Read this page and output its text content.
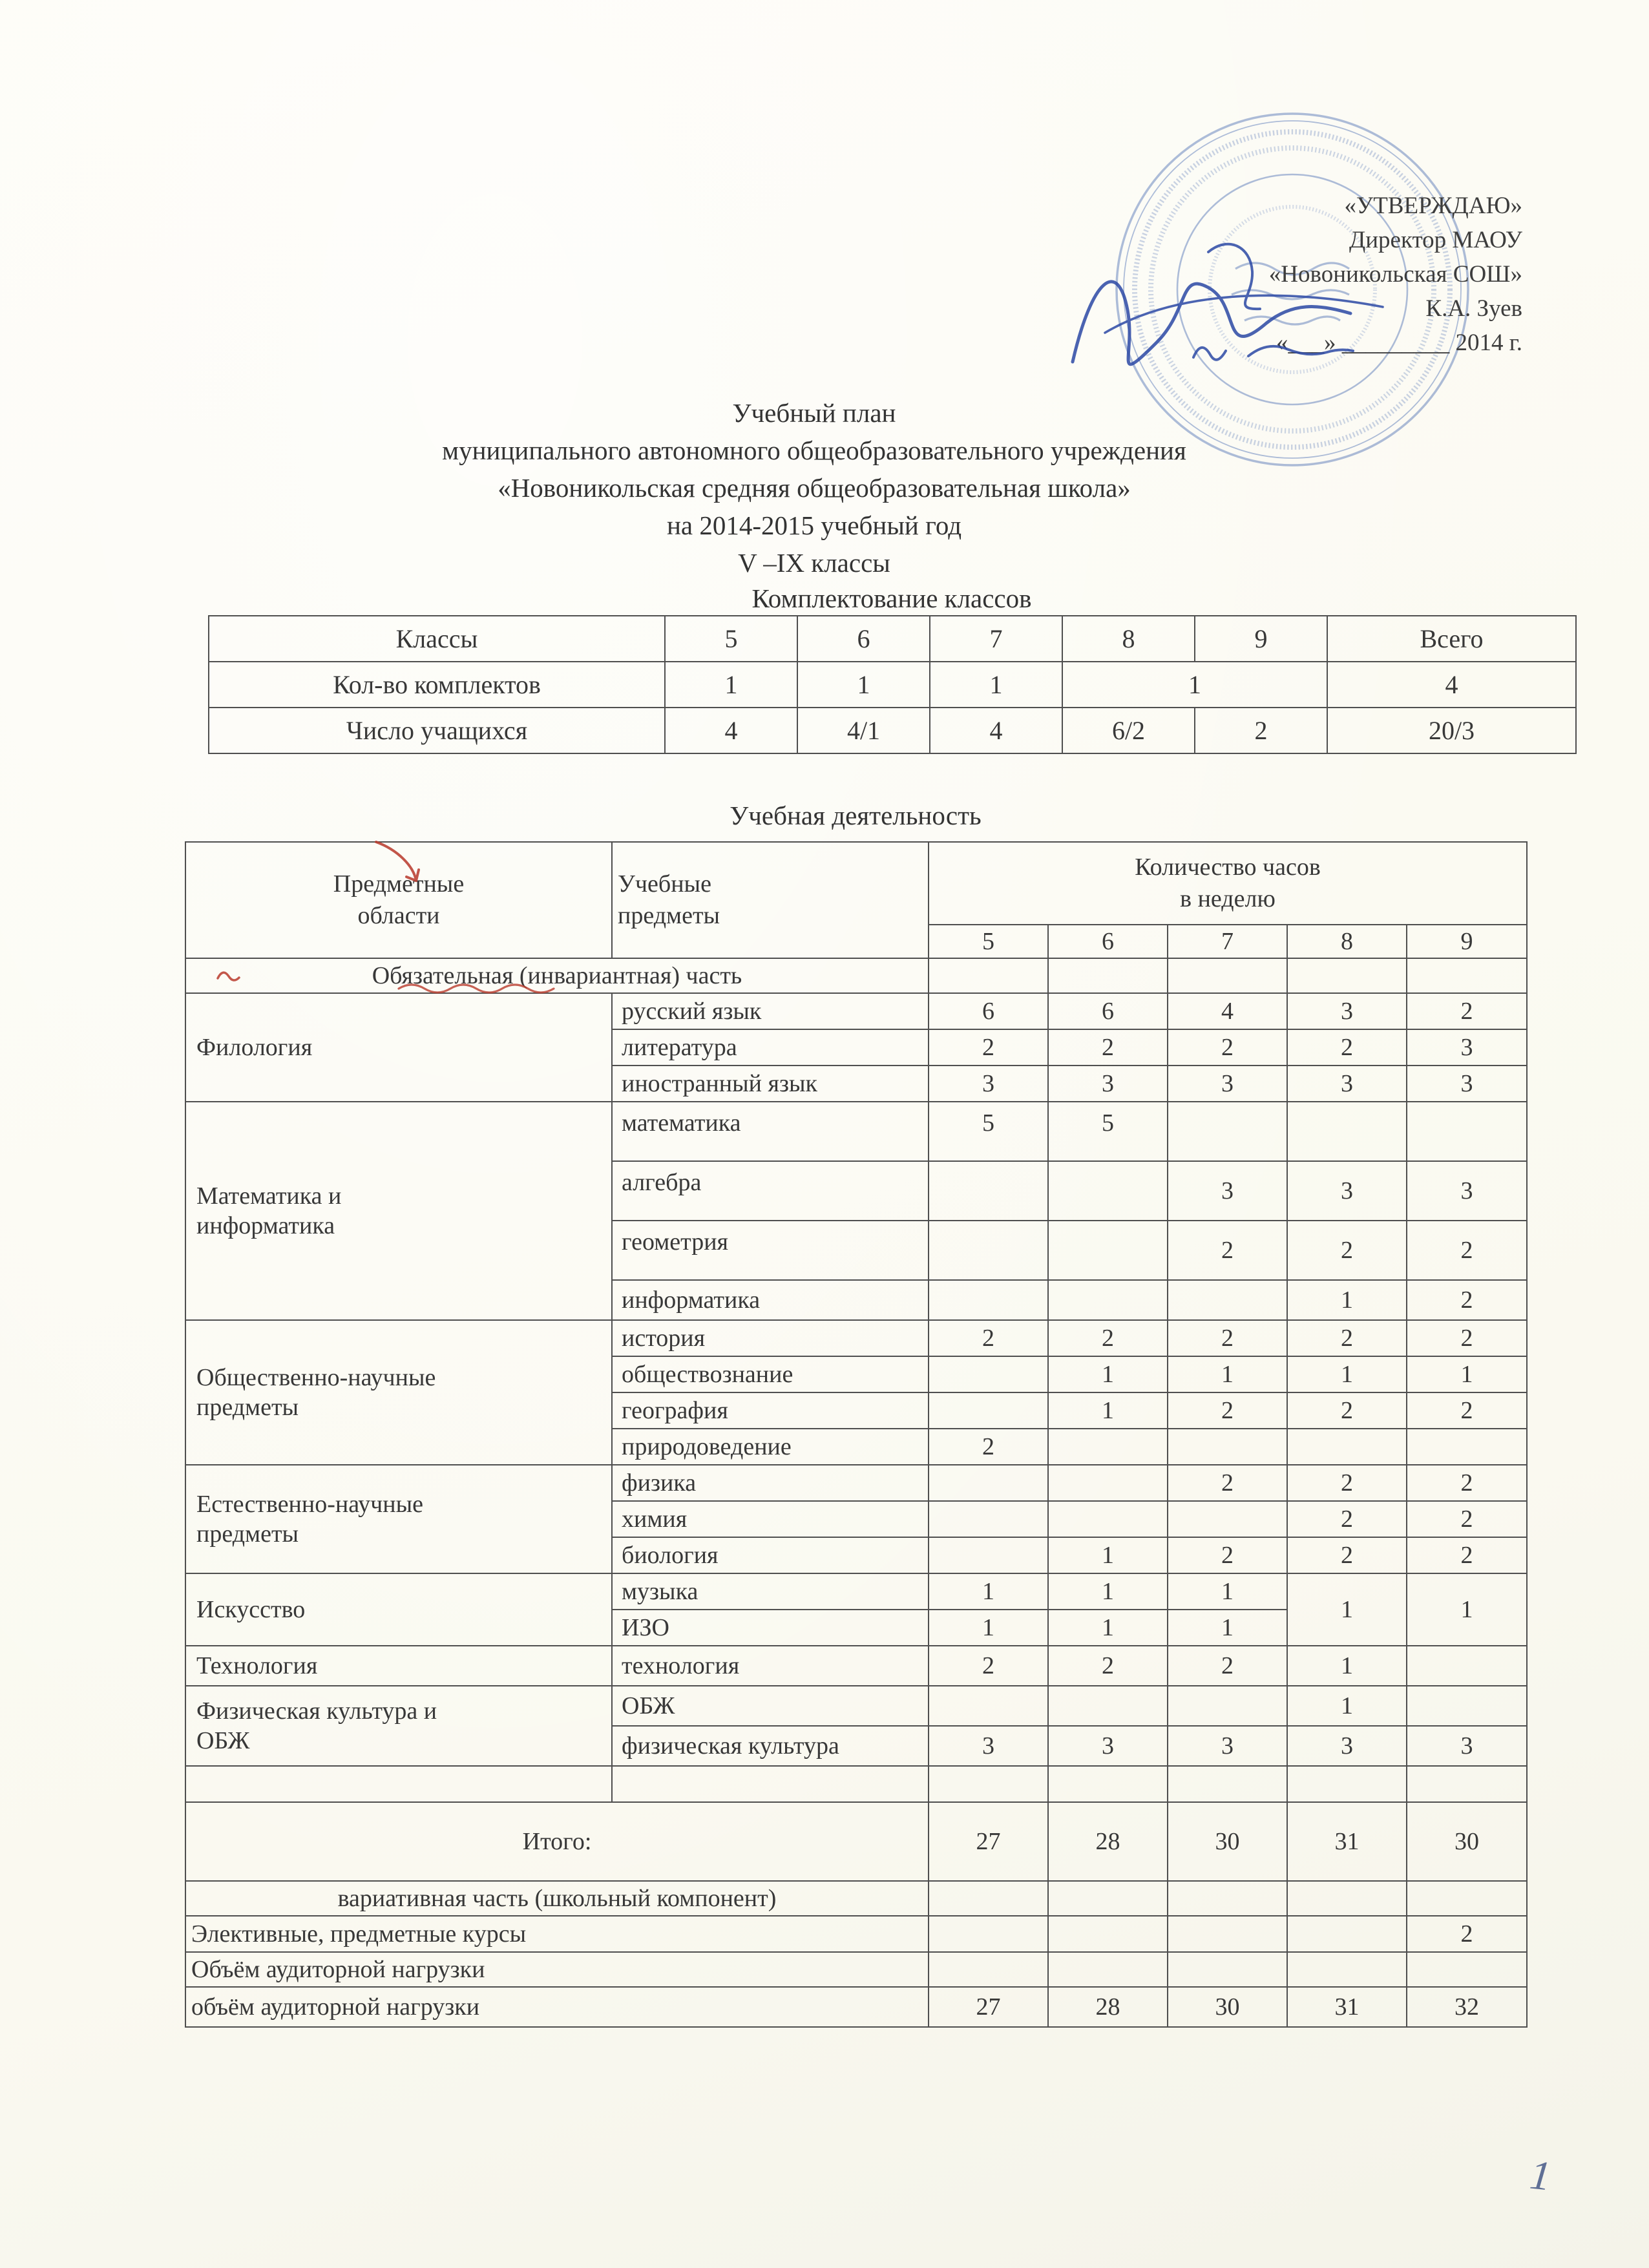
«УТВЕРЖДАЮ»
Директор МАОУ
«Новоникольская СОШ»
К.А. Зуев
«___» _________ 2014 г.
Учебный план
муниципального автономного общеобразовательного учреждения
«Новоникольская средняя общеобразовательная школа»
на 2014-2015 учебный год
V –IX классы
Комплектование классов
Классы	5	6	7	8	9	Всего
Кол-во комплектов	1	1	1	1		4
Число учащихся	4	4/1	4	6/2	2	20/3
Учебная деятельность
Предметные области	Учебные предметы	Количество часов
в неделю				

		5	6	7	8	9
Обязательная (инвариантная) часть						
Филология	русский язык	6	6	4	3	2
	литература	2	2	2	2	3
	иностранный язык	3	3	3	3	3
Математика и информатика	математика	5	5			
	алгебра			3	3	3
	геометрия			2	2	2
	информатика				1	2
Общественно-научные предметы	история	2	2	2	2	2
	обществознание		1	1	1	1
	география		1	2	2	2
	природоведение	2				
Естественно-научные предметы	физика			2	2	2
	химия				2	2
	биология		1	2	2	2
Искусство	музыка	1	1	1	1	1
	ИЗО	1	1	1		
Технология	технология	2	2	2	1	
Физическая культура и ОБЖ	ОБЖ				1	
	физическая культура	3	3	3	3	3

Итого:		27	28	30	31	30
вариативная часть (школьный компонент)						
Элективные, предметные курсы						2
Объём аудиторной нагрузки						
объём аудиторной нагрузки		27	28	30	31	32
1
